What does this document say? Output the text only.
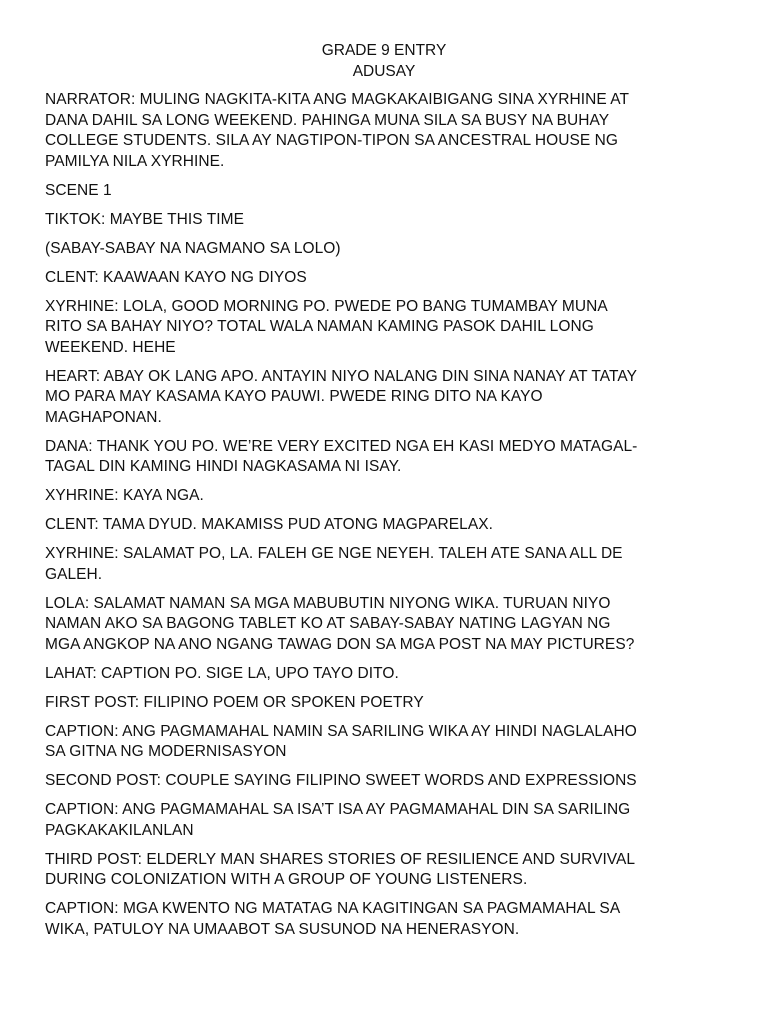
GRADE 9 ENTRY
ADUSAY
NARRATOR: MULING NAGKITA-KITA ANG MAGKAKAIBIGANG SINA XYRHINE AT
DANA DAHIL SA LONG WEEKEND. PAHINGA MUNA SILA SA BUSY NA BUHAY
COLLEGE STUDENTS. SILA AY NAGTIPON-TIPON SA ANCESTRAL HOUSE NG
PAMILYA NILA XYRHINE.
SCENE 1
TIKTOK: MAYBE THIS TIME
(SABAY-SABAY NA NAGMANO SA LOLO)
CLENT: KAAWAAN KAYO NG DIYOS
XYRHINE: LOLA, GOOD MORNING PO. PWEDE PO BANG TUMAMBAY MUNA
RITO SA BAHAY NIYO? TOTAL WALA NAMAN KAMING PASOK DAHIL LONG
WEEKEND. HEHE
HEART: ABAY OK LANG APO. ANTAYIN NIYO NALANG DIN SINA NANAY AT TATAY
MO PARA MAY KASAMA KAYO PAUWI. PWEDE RING DITO NA KAYO
MAGHAPONAN.
DANA: THANK YOU PO. WE’RE VERY EXCITED NGA EH KASI MEDYO MATAGAL-
TAGAL DIN KAMING HINDI NAGKASAMA NI ISAY.
XYHRINE: KAYA NGA.
CLENT: TAMA DYUD. MAKAMISS PUD ATONG MAGPARELAX.
XYRHINE: SALAMAT PO, LA. FALEH GE NGE NEYEH. TALEH ATE SANA ALL DE
GALEH.
LOLA: SALAMAT NAMAN SA MGA MABUBUTIN NIYONG WIKA. TURUAN NIYO
NAMAN AKO SA BAGONG TABLET KO AT SABAY-SABAY NATING LAGYAN NG
MGA ANGKOP NA ANO NGANG TAWAG DON SA MGA POST NA MAY PICTURES?
LAHAT: CAPTION PO. SIGE LA, UPO TAYO DITO.
FIRST POST: FILIPINO POEM OR SPOKEN POETRY
CAPTION: ANG PAGMAMAHAL NAMIN SA SARILING WIKA AY HINDI NAGLALAHO
SA GITNA NG MODERNISASYON
SECOND POST: COUPLE SAYING FILIPINO SWEET WORDS AND EXPRESSIONS
CAPTION: ANG PAGMAMAHAL SA ISA’T ISA AY PAGMAMAHAL DIN SA SARILING
PAGKAKAKILANLAN
THIRD POST: ELDERLY MAN SHARES STORIES OF RESILIENCE AND SURVIVAL
DURING COLONIZATION WITH A GROUP OF YOUNG LISTENERS.
CAPTION: MGA KWENTO NG MATATAG NA KAGITINGAN SA PAGMAMAHAL SA
WIKA, PATULOY NA UMAABOT SA SUSUNOD NA HENERASYON.
